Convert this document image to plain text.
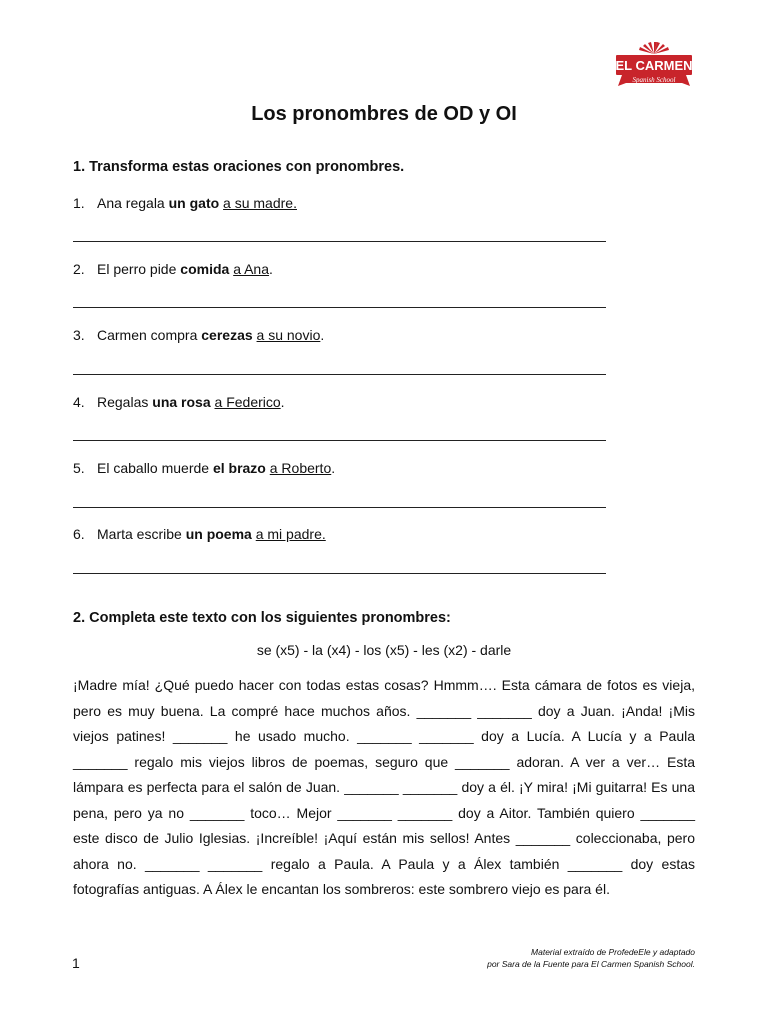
EL CARMEN
Spanish School
Los pronombres de OD y OI

1. Transforma estas oraciones con pronombres.

1. Ana regala un gato a su madre.
2. El perro pide comida a Ana.
3. Carmen compra cerezas a su novio.
4. Regalas una rosa a Federico.
5. El caballo muerde el brazo a Roberto.
6. Marta escribe un poema a mi padre.

2. Completa este texto con los siguientes pronombres:

se (x5) - la (x4) - los (x5) - les (x2) - darle

¡Madre mía! ¿Qué puedo hacer con todas estas cosas? Hmmm…. Esta cámara de fotos es vieja, pero es muy buena. La compré hace muchos años. _______ _______ doy a Juan. ¡Anda! ¡Mis viejos patines! _______ he usado mucho. _______ _______ doy a Lucía. A Lucía y a Paula _______ regalo mis viejos libros de poemas, seguro que _______ adoran. A ver a ver… Esta lámpara es perfecta para el salón de Juan. _______ _______ doy a él. ¡Y mira! ¡Mi guitarra! Es una pena, pero ya no _______ toco… Mejor _______ _______ doy a Aitor. También quiero _______ este disco de Julio Iglesias. ¡Increíble! ¡Aquí están mis sellos! Antes _______ coleccionaba, pero ahora no. _______ _______ regalo a Paula. A Paula y a Álex también _______ doy estas fotografías antiguas. A Álex le encantan los sombreros: este sombrero viejo es para él.

1
Material extraído de ProfedeEle y adaptado
por Sara de la Fuente para El Carmen Spanish School.
